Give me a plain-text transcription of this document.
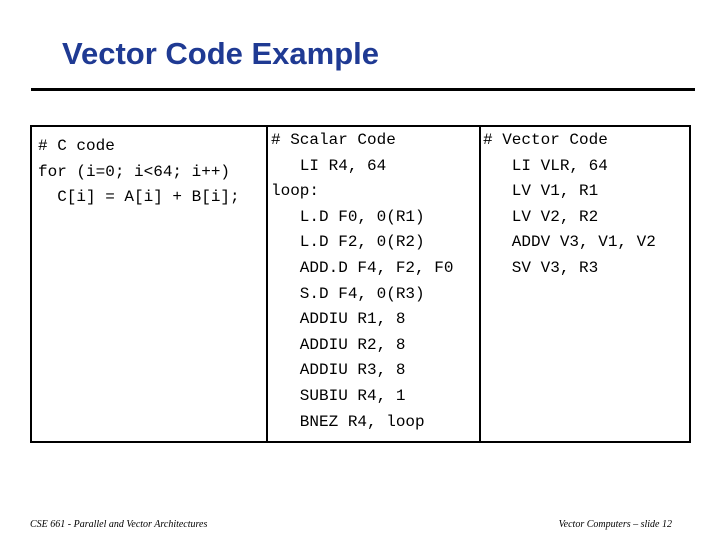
Vector Code Example
# C code
for (i=0; i<64; i++)
C[i] = A[i] + B[i];
# Scalar Code
LI R4, 64
loop:
L.D F0, 0(R1)
L.D F2, 0(R2)
ADD.D F4, F2, F0
S.D F4, 0(R3)
ADDIU R1, 8
ADDIU R2, 8
ADDIU R3, 8
SUBIU R4, 1
BNEZ R4, loop
# Vector Code
LI VLR, 64
LV V1, R1
LV V2, R2
ADDV V3, V1, V2
SV V3, R3
CSE 661 - Parallel and Vector Architectures	Vector Computers – slide 12
